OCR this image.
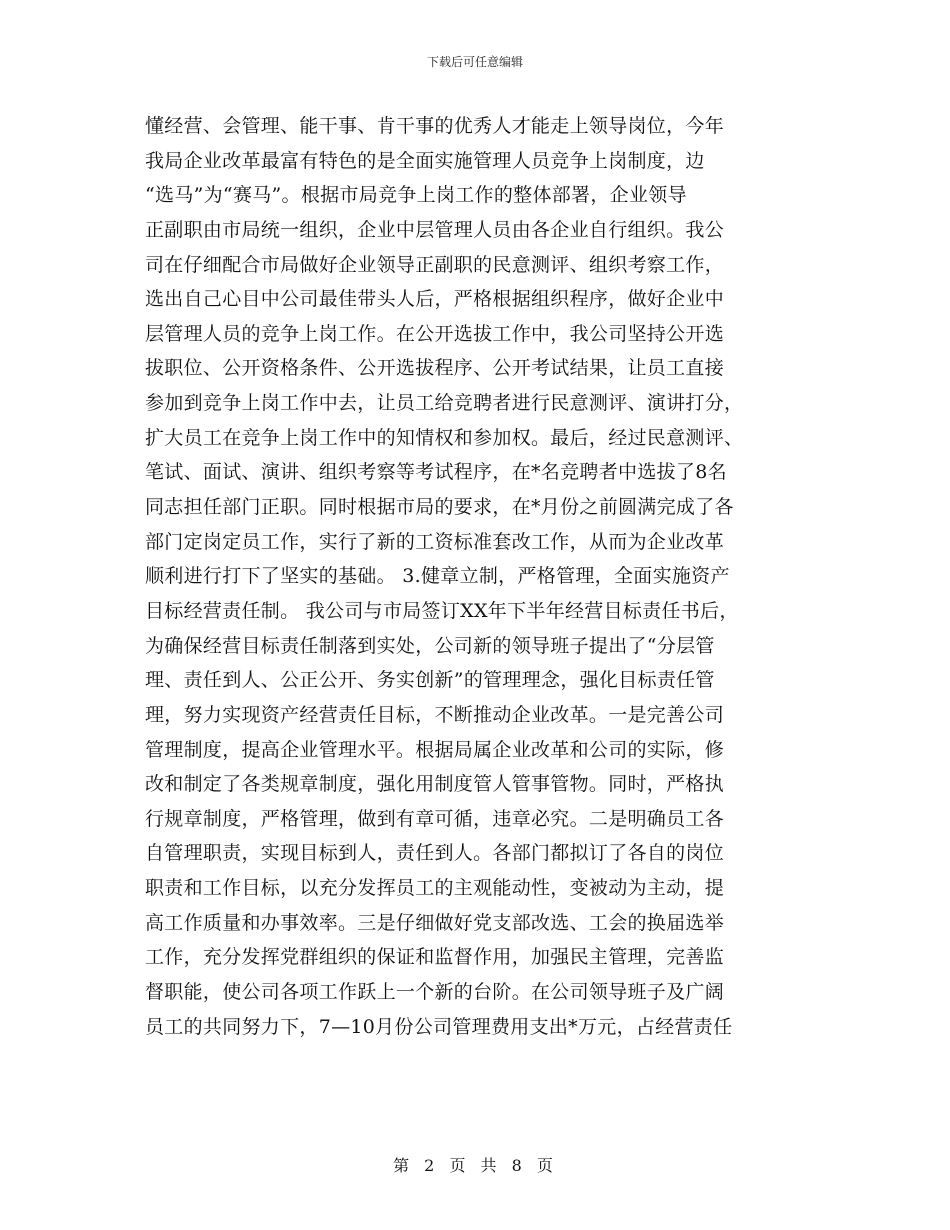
下载后可任意编辑
懂经营、会管理、能干事、肯干事的优秀人才能走上领导岗位，今年
我局企业改革最富有特色的是全面实施管理人员竞争上岗制度，边
“选马”为“赛马”。根据市局竞争上岗工作的整体部署，企业领导
正副职由市局统一组织，企业中层管理人员由各企业自行组织。我公
司在仔细配合市局做好企业领导正副职的民意测评、组织考察工作，
选出自己心目中公司最佳带头人后，严格根据组织程序，做好企业中
层管理人员的竞争上岗工作。在公开选拔工作中，我公司坚持公开选
拔职位、公开资格条件、公开选拔程序、公开考试结果，让员工直接
参加到竞争上岗工作中去，让员工给竞聘者进行民意测评、演讲打分，
扩大员工在竞争上岗工作中的知情权和参加权。最后，经过民意测评、
笔试、面试、演讲、组织考察等考试程序，在*名竞聘者中选拔了8名
同志担任部门正职。同时根据市局的要求，在*月份之前圆满完成了各
部门定岗定员工作，实行了新的工资标准套改工作，从而为企业改革
顺利进行打下了坚实的基础。 3.健章立制，严格管理，全面实施资产
目标经营责任制。 我公司与市局签订XX年下半年经营目标责任书后，
为确保经营目标责任制落到实处，公司新的领导班子提出了“分层管
理、责任到人、公正公开、务实创新”的管理理念，强化目标责任管
理，努力实现资产经营责任目标，不断推动企业改革。一是完善公司
管理制度，提高企业管理水平。根据局属企业改革和公司的实际，修
改和制定了各类规章制度，强化用制度管人管事管物。同时，严格执
行规章制度，严格管理，做到有章可循，违章必究。二是明确员工各
自管理职责，实现目标到人，责任到人。各部门都拟订了各自的岗位
职责和工作目标，以充分发挥员工的主观能动性，变被动为主动，提
高工作质量和办事效率。三是仔细做好党支部改选、工会的换届选举
工作，充分发挥党群组织的保证和监督作用，加强民主管理，完善监
督职能，使公司各项工作跃上一个新的台阶。在公司领导班子及广阔
员工的共同努力下，7—10月份公司管理费用支出*万元，占经营责任
第 2 页 共 8 页
